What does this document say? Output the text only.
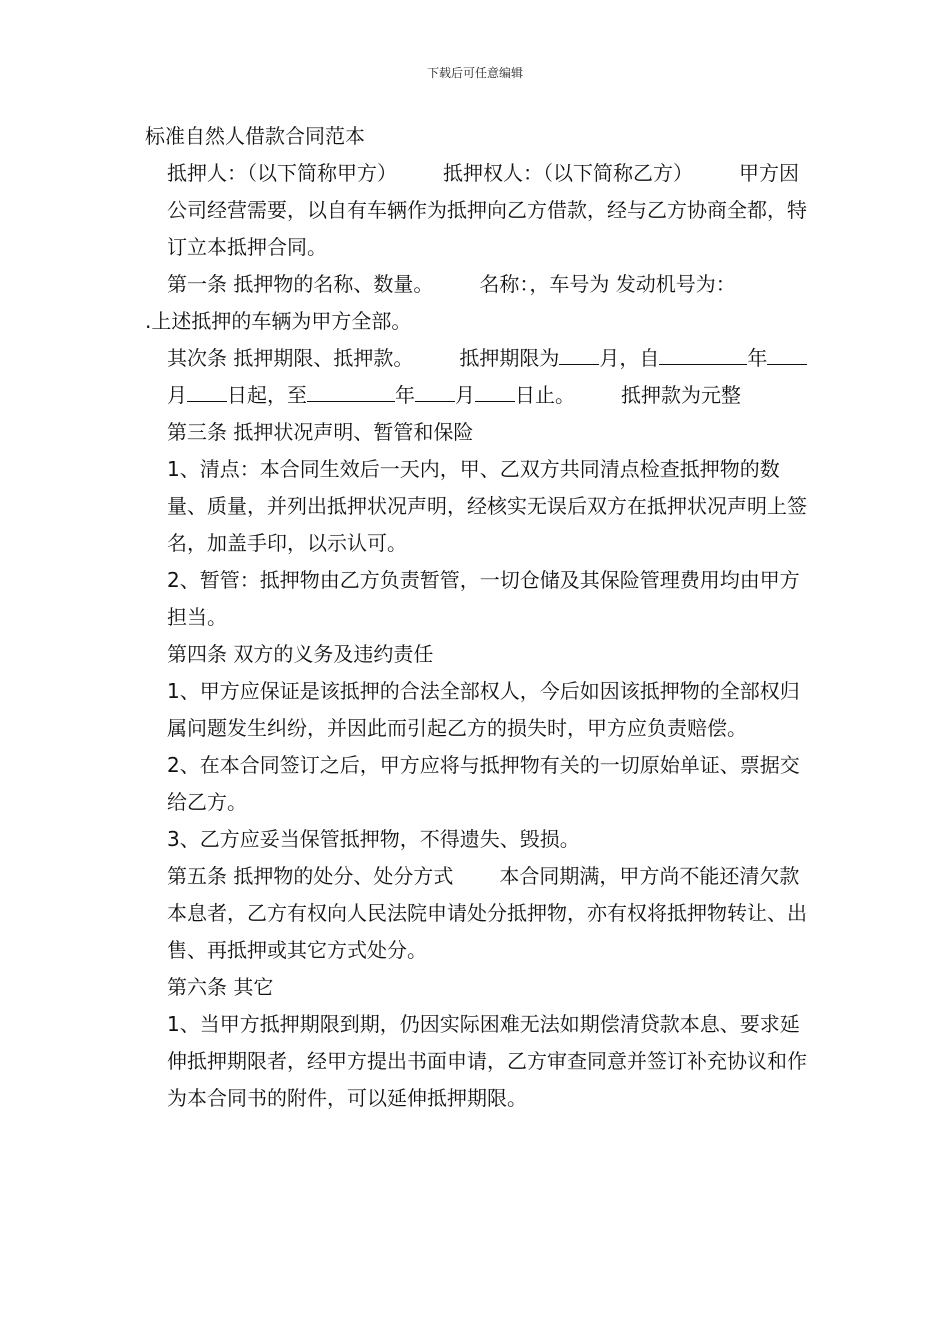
下载后可任意编辑
标准自然人借款合同范本

抵押人：（以下简称甲方） 抵押权人：（以下简称乙方） 甲方因公司经营需要，以自有车辆作为抵押向乙方借款，经与乙方协商全都，特订立本抵押合同。

第一条 抵押物的名称、数量。 名称：，车号为 发动机号为：

.上述抵押的车辆为甲方全部。

其次条 抵押期限、抵押款。 抵押期限为 月，自	年月 日起，至	年 月 日止。 抵押款为元整

第三条 抵押状况声明、暂管和保险

1、清点：本合同生效后一天内，甲、乙双方共同清点检查抵押物的数量、质量，并列出抵押状况声明，经核实无误后双方在抵押状况声明上签名，加盖手印，以示认可。

2、暂管：抵押物由乙方负责暂管，一切仓储及其保险管理费用均由甲方担当。

第四条 双方的义务及违约责任

1、甲方应保证是该抵押的合法全部权人，今后如因该抵押物的全部权归属问题发生纠纷，并因此而引起乙方的损失时，甲方应负责赔偿。

2、在本合同签订之后，甲方应将与抵押物有关的一切原始单证、票据交给乙方。

3、乙方应妥当保管抵押物，不得遗失、毁损。

第五条 抵押物的处分、处分方式 本合同期满，甲方尚不能还清欠款本息者，乙方有权向人民法院申请处分抵押物，亦有权将抵押物转让、出售、再抵押或其它方式处分。

第六条 其它

1、当甲方抵押期限到期，仍因实际困难无法如期偿清贷款本息、要求延伸抵押期限者，经甲方提出书面申请，乙方审查同意并签订补充协议和作为本合同书的附件，可以延伸抵押期限。
